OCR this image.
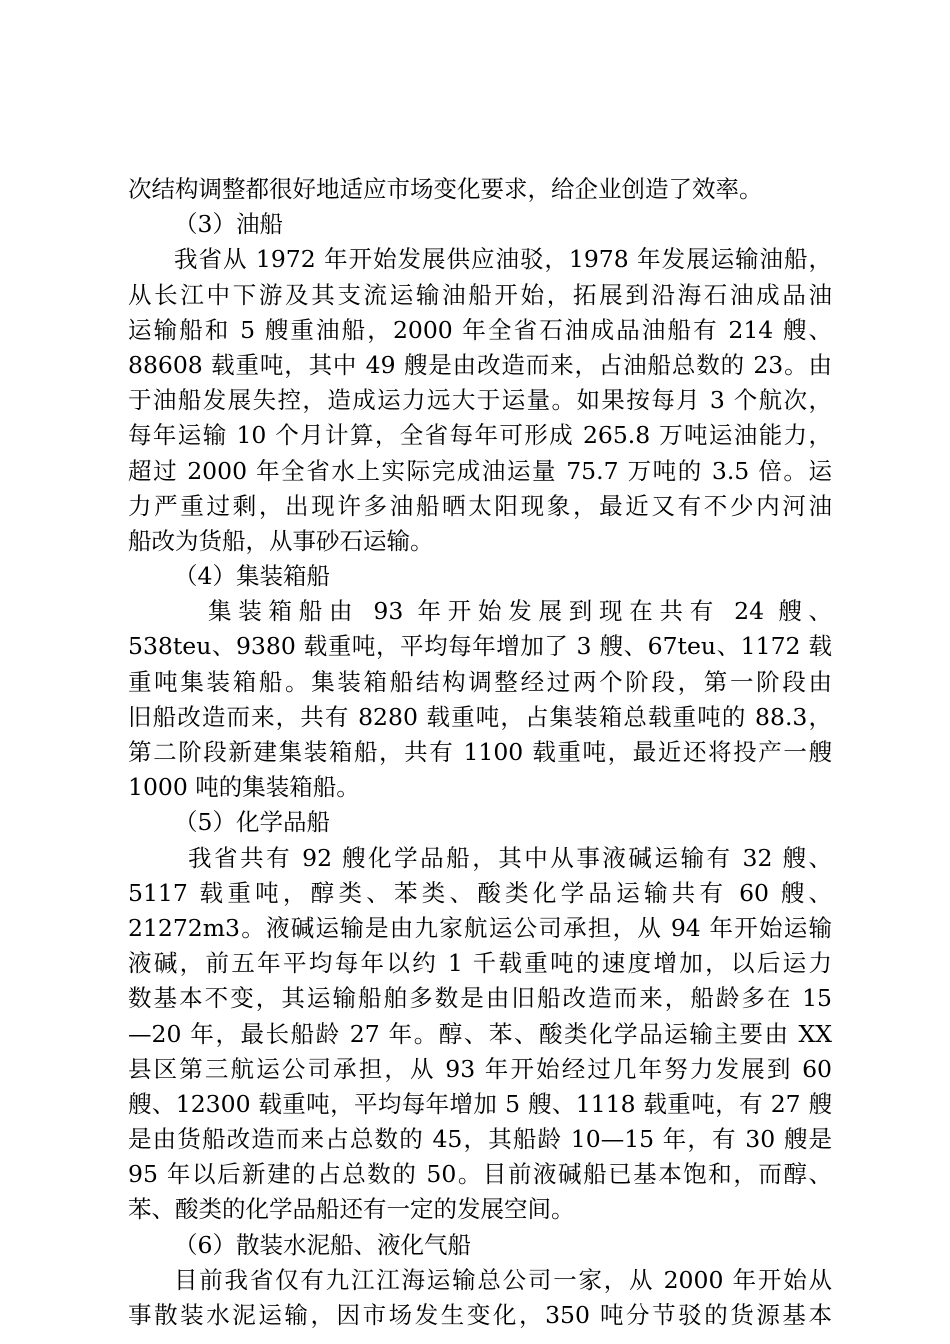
次结构调整都很好地适应市场变化要求，给企业创造了效率。
（3）油船
我省从 1972 年开始发展供应油驳，1978 年发展运输油船，
从长江中下游及其支流运输油船开始，拓展到沿海石油成品油
运输船和 5 艘重油船，2000 年全省石油成品油船有 214 艘、
88608 载重吨，其中 49 艘是由改造而来，占油船总数的 23。由
于油船发展失控，造成运力远大于运量。如果按每月 3 个航次，
每年运输 10 个月计算，全省每年可形成 265.8 万吨运油能力，
超过 2000 年全省水上实际完成油运量 75.7 万吨的 3.5 倍。运
力严重过剩，出现许多油船晒太阳现象，最近又有不少内河油
船改为货船，从事砂石运输。
（4）集装箱船
集装箱船由 93 年开始发展到现在共有 24 艘、
538teu、9380 载重吨，平均每年增加了 3 艘、67teu、1172 载
重吨集装箱船。集装箱船结构调整经过两个阶段，第一阶段由
旧船改造而来，共有 8280 载重吨，占集装箱总载重吨的 88.3，
第二阶段新建集装箱船，共有 1100 载重吨，最近还将投产一艘
1000 吨的集装箱船。
（5）化学品船
我省共有 92 艘化学品船，其中从事液碱运输有 32 艘、
5117 载重吨，醇类、苯类、酸类化学品运输共有 60 艘、
21272m3。液碱运输是由九家航运公司承担，从 94 年开始运输
液碱，前五年平均每年以约 1 千载重吨的速度增加，以后运力
数基本不变，其运输船舶多数是由旧船改造而来，船龄多在 15
—20 年，最长船龄 27 年。醇、苯、酸类化学品运输主要由 XX
县区第三航运公司承担，从 93 年开始经过几年努力发展到 60
艘、12300 载重吨，平均每年增加 5 艘、1118 载重吨，有 27 艘
是由货船改造而来占总数的 45，其船龄 10—15 年，有 30 艘是
95 年以后新建的占总数的 50。目前液碱船已基本饱和，而醇、
苯、酸类的化学品船还有一定的发展空间。
（6）散装水泥船、液化气船
目前我省仅有九江江海运输总公司一家，从 2000 年开始从
事散装水泥运输，因市场发生变化，350 吨分节驳的货源基本
